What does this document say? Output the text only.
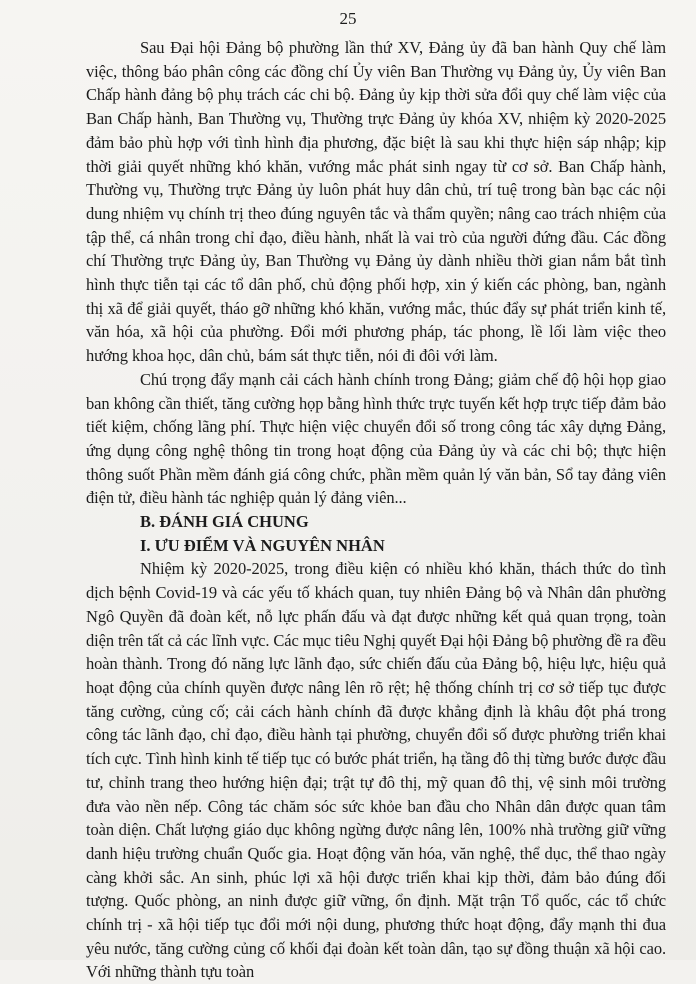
25

Sau Đại hội Đảng bộ phường lần thứ XV, Đảng ủy đã ban hành Quy chế làm việc, thông báo phân công các đồng chí Ủy viên Ban Thường vụ Đảng ủy, Ủy viên Ban Chấp hành đảng bộ phụ trách các chi bộ. Đảng ủy kịp thời sửa đổi quy chế làm việc của Ban Chấp hành, Ban Thường vụ, Thường trực Đảng ủy khóa XV, nhiệm kỳ 2020-2025 đảm bảo phù hợp với tình hình địa phương, đặc biệt là sau khi thực hiện sáp nhập; kịp thời giải quyết những khó khăn, vướng mắc phát sinh ngay từ cơ sở. Ban Chấp hành, Thường vụ, Thường trực Đảng ủy luôn phát huy dân chủ, trí tuệ trong bàn bạc các nội dung nhiệm vụ chính trị theo đúng nguyên tắc và thẩm quyền; nâng cao trách nhiệm của tập thể, cá nhân trong chỉ đạo, điều hành, nhất là vai trò của người đứng đầu. Các đồng chí Thường trực Đảng ủy, Ban Thường vụ Đảng ủy dành nhiều thời gian nắm bắt tình hình thực tiễn tại các tổ dân phố, chủ động phối hợp, xin ý kiến các phòng, ban, ngành thị xã để giải quyết, tháo gỡ những khó khăn, vướng mắc, thúc đẩy sự phát triển kinh tế, văn hóa, xã hội của phường. Đổi mới phương pháp, tác phong, lề lối làm việc theo hướng khoa học, dân chủ, bám sát thực tiễn, nói đi đôi với làm.

Chú trọng đẩy mạnh cải cách hành chính trong Đảng; giảm chế độ hội họp giao ban không cần thiết, tăng cường họp bằng hình thức trực tuyến kết hợp trực tiếp đảm bảo tiết kiệm, chống lãng phí. Thực hiện việc chuyển đổi số trong công tác xây dựng Đảng, ứng dụng công nghệ thông tin trong hoạt động của Đảng ủy và các chi bộ; thực hiện thông suốt Phần mềm đánh giá công chức, phần mềm quản lý văn bản, Sổ tay đảng viên điện tử, điều hành tác nghiệp quản lý đảng viên...

B. ĐÁNH GIÁ CHUNG

I. ƯU ĐIỂM VÀ NGUYÊN NHÂN

Nhiệm kỳ 2020-2025, trong điều kiện có nhiều khó khăn, thách thức do tình dịch bệnh Covid-19 và các yếu tố khách quan, tuy nhiên Đảng bộ và Nhân dân phường Ngô Quyền đã đoàn kết, nỗ lực phấn đấu và đạt được những kết quả quan trọng, toàn diện trên tất cả các lĩnh vực. Các mục tiêu Nghị quyết Đại hội Đảng bộ phường đề ra đều hoàn thành. Trong đó năng lực lãnh đạo, sức chiến đấu của Đảng bộ, hiệu lực, hiệu quả hoạt động của chính quyền được nâng lên rõ rệt; hệ thống chính trị cơ sở tiếp tục được tăng cường, củng cố; cải cách hành chính đã được khẳng định là khâu đột phá trong công tác lãnh đạo, chỉ đạo, điều hành tại phường, chuyển đổi số được phường triển khai tích cực. Tình hình kinh tế tiếp tục có bước phát triển, hạ tầng đô thị từng bước được đầu tư, chỉnh trang theo hướng hiện đại; trật tự đô thị, mỹ quan đô thị, vệ sinh môi trường đưa vào nền nếp. Công tác chăm sóc sức khỏe ban đầu cho Nhân dân được quan tâm toàn diện. Chất lượng giáo dục không ngừng được nâng lên, 100% nhà trường giữ vững danh hiệu trường chuẩn Quốc gia. Hoạt động văn hóa, văn nghệ, thể dục, thể thao ngày càng khởi sắc. An sinh, phúc lợi xã hội được triển khai kịp thời, đảm bảo đúng đối tượng. Quốc phòng, an ninh được giữ vững, ổn định. Mặt trận Tổ quốc, các tổ chức chính trị - xã hội tiếp tục đổi mới nội dung, phương thức hoạt động, đẩy mạnh thi đua yêu nước, tăng cường củng cố khối đại đoàn kết toàn dân, tạo sự đồng thuận xã hội cao. Với những thành tựu toàn
